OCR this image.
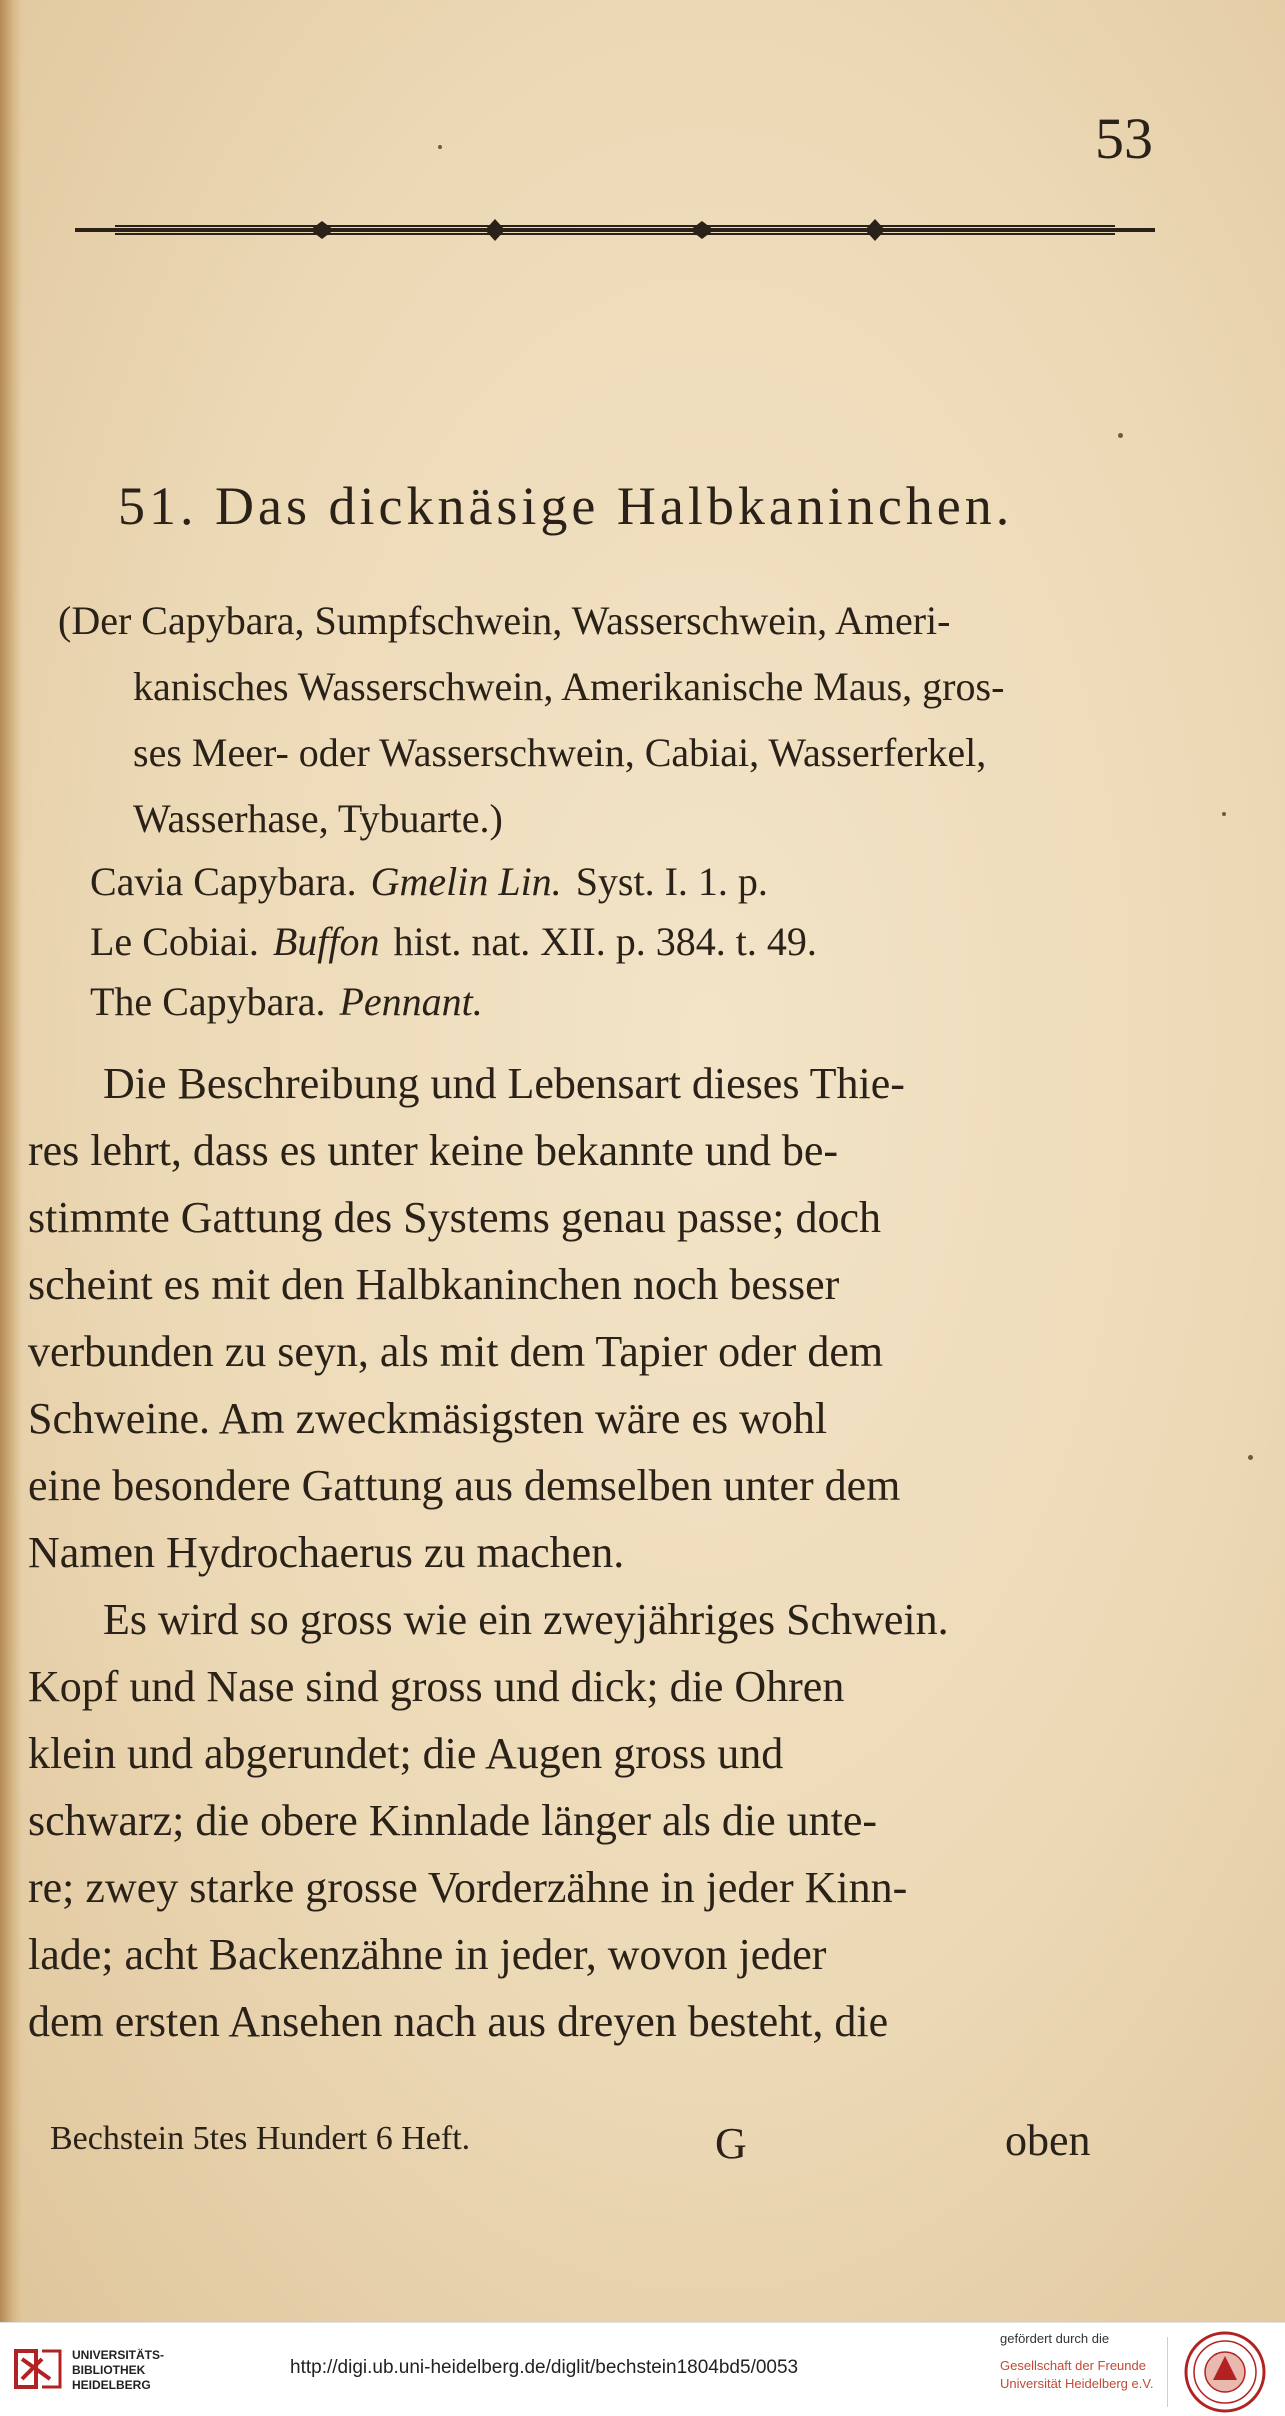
53
51. Das dicknäsige Halbkaninchen.
(Der Capybara, Sumpfschwein, Wasserschwein, Ameri-
kanisches Wasserschwein, Amerikanische Maus, gros-
ses Meer- oder Wasserschwein, Cabiai, Wasserferkel,
Wasserhase, Tybuarte.)
Cavia Capybara. Gmelin Lin. Syst. I. 1. p.
Le Cobiai. Buffon hist. nat. XII. p. 384. t. 49.
The Capybara. Pennant.
Die Beschreibung und Lebensart dieses Thie-
res lehrt, dass es unter keine bekannte und be-
stimmte Gattung des Systems genau passe; doch
scheint es mit den Halbkaninchen noch besser
verbunden zu seyn, als mit dem Tapier oder dem
Schweine. Am zweckmäsigsten wäre es wohl
eine besondere Gattung aus demselben unter dem
Namen Hydrochaerus zu machen.
Es wird so gross wie ein zweyjähriges Schwein.
Kopf und Nase sind gross und dick; die Ohren
klein und abgerundet; die Augen gross und
schwarz; die obere Kinnlade länger als die unte-
re; zwey starke grosse Vorderzähne in jeder Kinn-
lade; acht Backenzähne in jeder, wovon jeder
dem ersten Ansehen nach aus dreyen besteht, die
Bechstein 5tes Hundert 6 Heft.	G	oben
UNIVERSITÄTS-
BIBLIOTHEK
HEIDELBERG
http://digi.ub.uni-heidelberg.de/diglit/bechstein1804bd5/0053
gefördert durch die
Gesellschaft der Freunde
Universität Heidelberg e.V.
